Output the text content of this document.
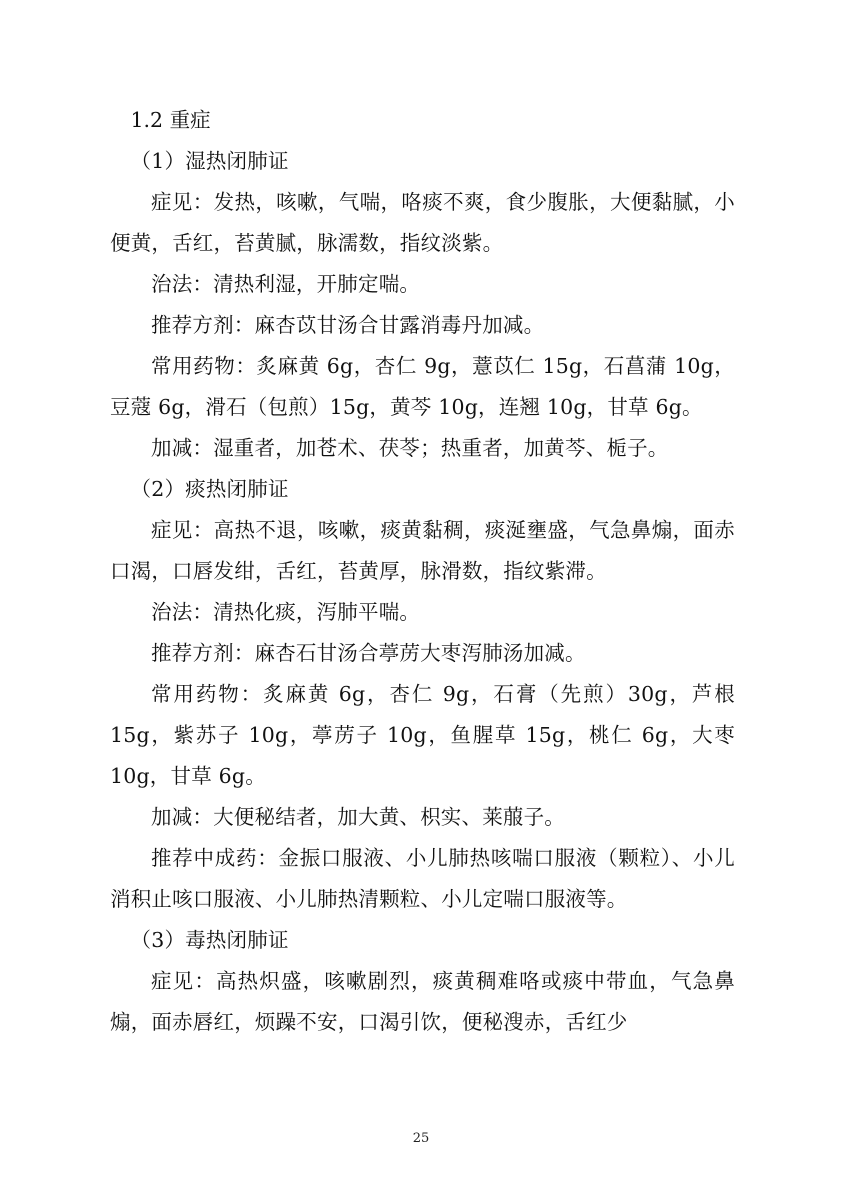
1.2 重症

（1）湿热闭肺证

症见：发热，咳嗽，气喘，咯痰不爽，食少腹胀，大便黏腻，小便黄，舌红，苔黄腻，脉濡数，指纹淡紫。

治法：清热利湿，开肺定喘。

推荐方剂：麻杏苡甘汤合甘露消毒丹加减。

常用药物：炙麻黄 6g，杏仁 9g，薏苡仁 15g，石菖蒲 10g，豆蔻 6g，滑石（包煎）15g，黄芩 10g，连翘 10g，甘草 6g。

加减：湿重者，加苍术、茯苓；热重者，加黄芩、栀子。

（2）痰热闭肺证

症见：高热不退，咳嗽，痰黄黏稠，痰涎壅盛，气急鼻煽，面赤口渴，口唇发绀，舌红，苔黄厚，脉滑数，指纹紫滞。

治法：清热化痰，泻肺平喘。

推荐方剂：麻杏石甘汤合葶苈大枣泻肺汤加减。

常用药物：炙麻黄 6g，杏仁 9g，石膏（先煎）30g，芦根 15g，紫苏子 10g，葶苈子 10g，鱼腥草 15g，桃仁 6g，大枣 10g，甘草 6g。

加减：大便秘结者，加大黄、枳实、莱菔子。

推荐中成药：金振口服液、小儿肺热咳喘口服液（颗粒）、小儿消积止咳口服液、小儿肺热清颗粒、小儿定喘口服液等。

（3）毒热闭肺证

症见：高热炽盛，咳嗽剧烈，痰黄稠难咯或痰中带血，气急鼻煽，面赤唇红，烦躁不安，口渴引饮，便秘溲赤，舌红少

25
